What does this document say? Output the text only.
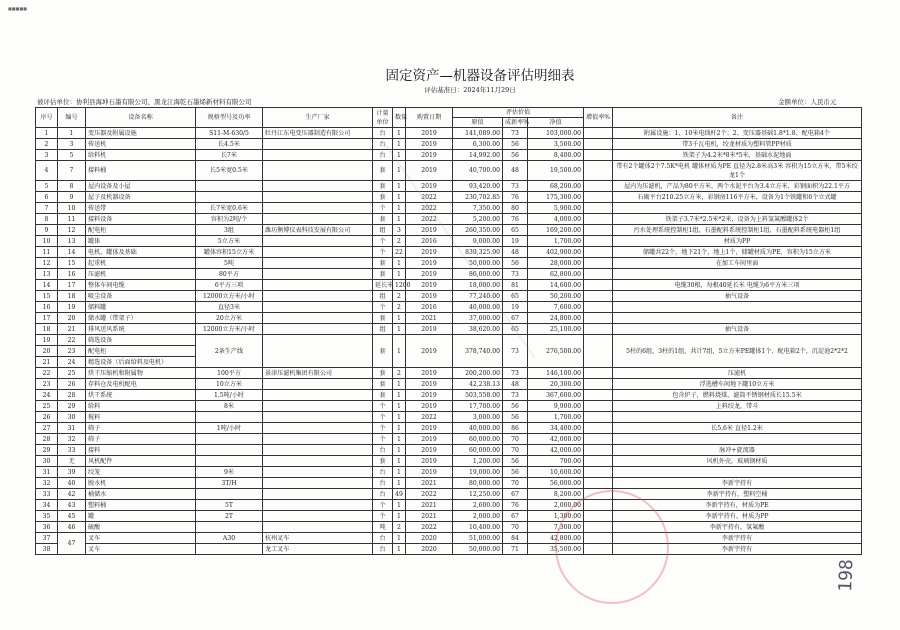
■■■■■
固定资产—机器设备评估明细表
评估基准日：2024年11月29日
被评估单位：协利县海坤石墨有限公司、黑龙江海乾石墨烯新材料有限公司	金额单位：人民币元
序号	编号	设备名称	规格型号及功率	生产厂家	计量单位	数量	购置日期	评估价值			增值率%	备注
								原值	成新率%	净值		
1	1	变压器及附属设施	S11-M-630/5	牡丹江东电变压器制造有限公司	台	1	2019	141,089.00	73	103,000.00		附属设施：1、10米电线杆2个；2、变压器基础1.8*1.8、配电箱4个
2	3	传送机	长4.5米		台	1	2019	6,300.00	56	3,500.00		带3千瓦电机，绞龙材质为塑料管PP材质
3	5	给料机	长7米		台	1	2019	14,992.00	56	8,400.00		铁架子为4.2米*8米*5米，基础水泥地面
4	7	接料桶	长5米宽0.5米		套	1	2019	40,700.00	48	19,500.00		带有2个罐体2个7.5K*电机 罐体材质为PE 直径为2.8米高3米 容积为15立方米，带5米绞龙1个
5	8	屋内设备及小屋			套	1	2019	93,420.00	73	68,200.00		屋内为压滤机，产品为80平方米，两个水泥平台为3.4立方米，彩钢面积为22.1平方
6	9	屋子及机器设备			套	1	2022	230,702.85	76	175,300.00		石砌平台210.25立方米，彩钢房116平方米，设备为1个铁罐和6个立式罐
7	10	传送带	长7米宽0.6米		个	1	2022	7,350.00	80	5,900.00		
8	11	接料设备	容积为2吨/个		套	1	2022	5,200.00	76	4,000.00		铁架子3.7米*2.5米*2米，设备为上料氢氟酸罐体2个
9	12	配电柜	3组	潍坊衡博仪表科技发展有限公司	组	3	2019	260,350.00	65	169,200.00		污水处理系统控制柜1组，石墨配料系统控制柜1组，石墨配料系统电器柜1组
10	13	罐体	5立方米		个	2	2016	9,000.00	19	1,700.00		材质为PP
11	14	电机、罐体及基础	罐体容积15立方米		个	22	2019	839,325.90	48	402,900.00		储罐共22个，地下21个，地上1个，储罐材质为PE，容积为15立方米
12	15	起重机	5吨		套	1	2019	50,000.00	56	28,000.00		在加工车间里面
13	16	压滤机	80平方		套	1	2019	86,000.00	73	62,800.00		
14	17	整体车间电缆	6平方三项		延长米	1200	2019	18,000.00	81	14,600.00		电缆30根，每根40延长米 电缆为6平方米三项
15	18	吸尘设备	12000立方米/小时		组	2	2019	77,240.00	65	50,200.00		抽气设备
16	19	储料罐	直径3米		个	2	2016	40,000.00	19	7,600.00		
17	20	储水罐（带架子）	20立方米		套	1	2021	37,000.00	67	24,800.00		
18	21	排风送风系统	12000立方米/小时		组	1	2019	38,620.00	65	25,100.00		抽气设备
19	22	筛选设备	2条生产线		套	1	2019	378,740.00	73	276,500.00		5柱的6组，3柱的1组，共计7组，5立方米PE罐体1个、配电箱2个，沉淀池2*2*2
20	23	配电柜										
21	24	精选设备（后面给料及电机）										
22	25	烘干压缩机和附属物	100平方	景津压滤机集团有限公司	套	2	2019	200,200.00	73	146,100.00		压滤机
23	26	存料仓及电机配电	10立方米		套	1	2019	42,238.13	48	20,300.00		浮选槽车间地下罐10立方米
24	28	烘干系统	1.5吨/小时		套	1	2019	503,558.00	73	367,600.00		包含炉子，燃料烧煤，滤筒不锈钢材质长15.5米
25	29	给料	8米		个	1	2019	17,700.00	56	9,900.00		上料绞龙，带斗
26	30	搅料			个	1	2022	3,000.00	56	1,700.00		
27	31	筛子	1吨/小时		个	1	2019	40,000.00	86	34,400.00		长5.6米 直径1.2米
28	32	筛子			个	1	2019	60,000.00	70	42,000.00		
29	33	接料			台	1	2019	60,000.00	70	42,000.00		脉冲+旋流器
30	无	风机配件			套	1	2019	1,200.00	56	700.00		风机外壳，玻璃钢材质
31	39	绞笼	9米		台	1	2019	19,000.00	56	10,600.00		
32	40	脱水机	3T/H		台	1	2021	80,000.00	70	56,000.00		李新宇持有
33	42	桶储水			台	49	2022	12,250.00	67	8,200.00		李新宇持有，塑料空桶
34	43	塑料桶	5T		个	1	2021	2,600.00	76	2,000.00		李新宇持有，材质为PE
35	45	罐	2T		个	1	2021	2,000.00	67	1,300.00		李新宇持有，材质为PP
36	46	硫酸			吨	2	2022	10,400.00	70	7,300.00		李新宇持有，氢氟酸
37	47	叉车	A30	杭州叉车	台	1	2020	51,000.00	84	42,800.00		李新宇持有
38		叉车		龙工叉车	台	1	2020	50,000.00	71	35,500.00		李新宇持有
198
